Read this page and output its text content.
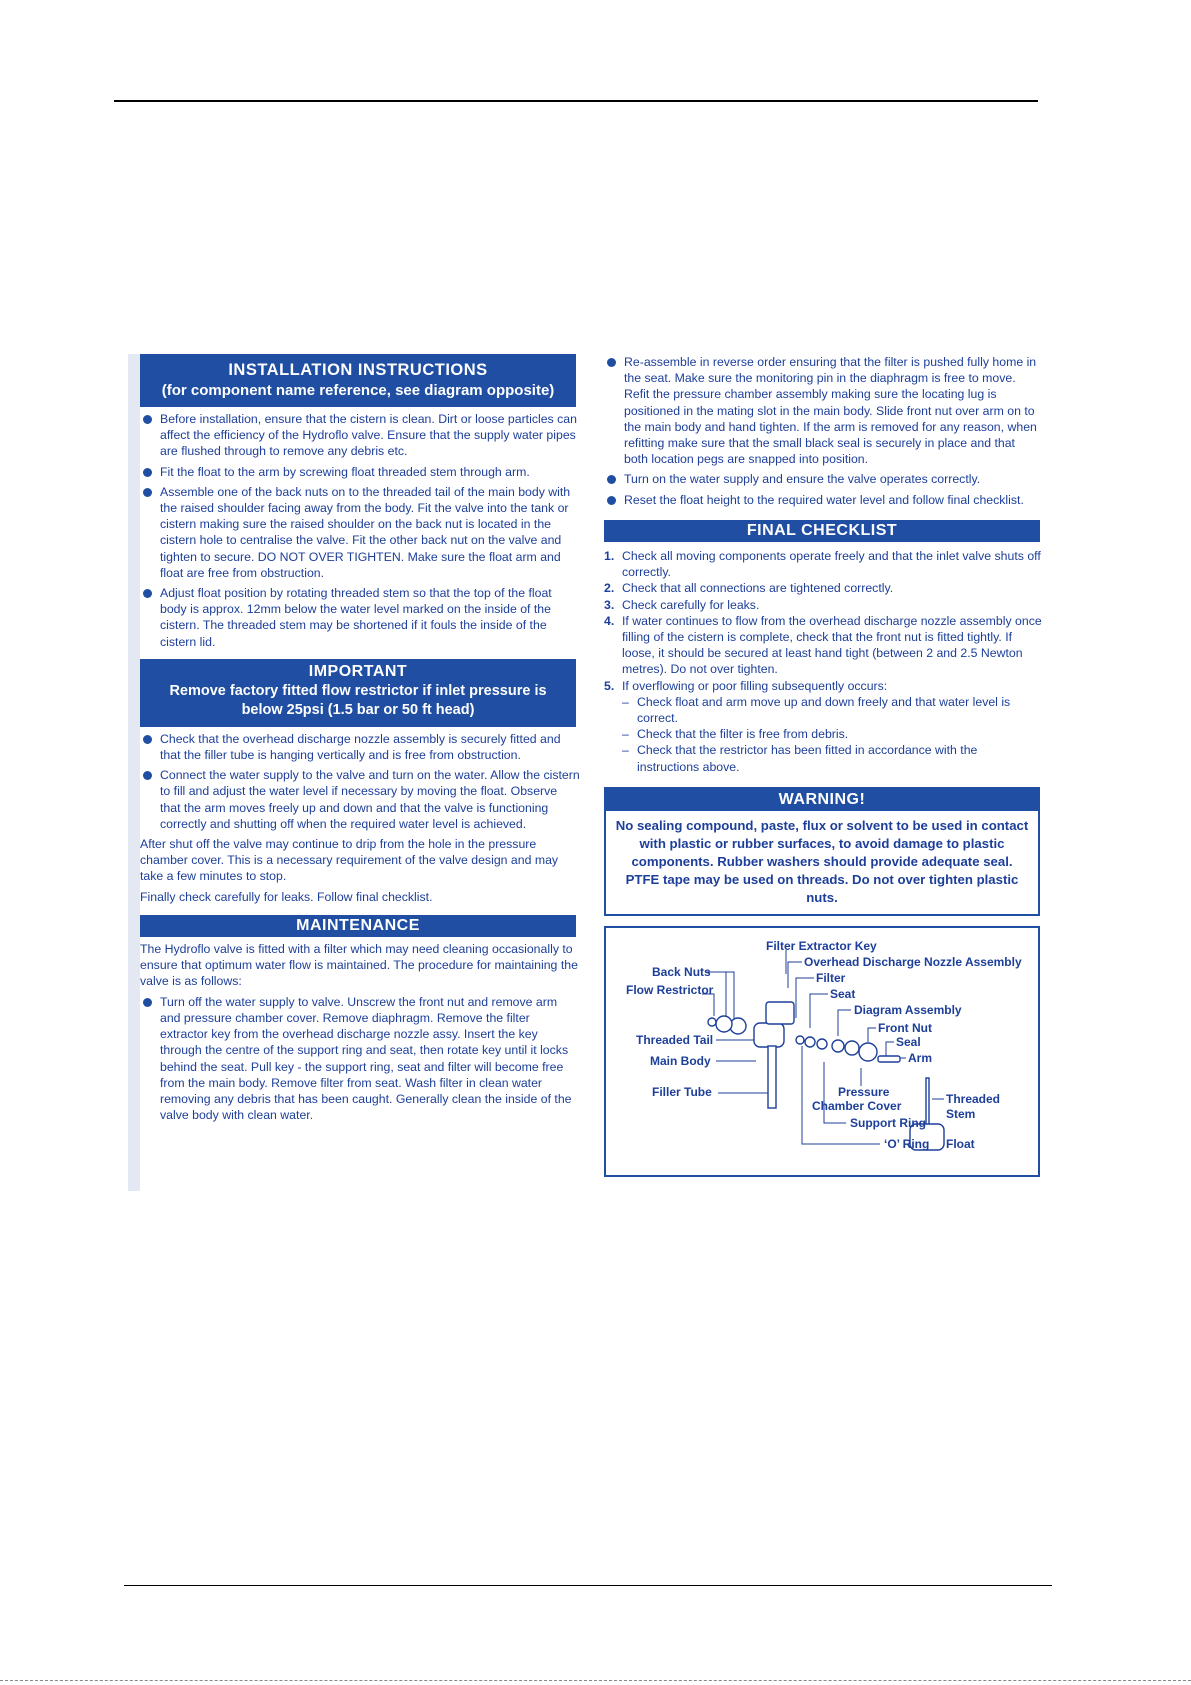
INSTALLATION INSTRUCTIONS
(for component name reference, see diagram opposite)
Before installation, ensure that the cistern is clean. Dirt or loose particles can affect the efficiency of the Hydroflo valve. Ensure that the supply water pipes are flushed through to remove any debris etc.
Fit the float to the arm by screwing float threaded stem through arm.
Assemble one of the back nuts on to the threaded tail of the main body with the raised shoulder facing away from the body. Fit the valve into the tank or cistern making sure the raised shoulder on the back nut is located in the cistern hole to centralise the valve. Fit the other back nut on the valve and tighten to secure. DO NOT OVER TIGHTEN. Make sure the float arm and float are free from obstruction.
Adjust float position by rotating threaded stem so that the top of the float body is approx. 12mm below the water level marked on the inside of the cistern. The threaded stem may be shortened if it fouls the inside of the cistern lid.
IMPORTANT
Remove factory fitted flow restrictor if inlet pressure is
below 25psi (1.5 bar or 50 ft head)
Check that the overhead discharge nozzle assembly is securely fitted and that the filler tube is hanging vertically and is free from obstruction.
Connect the water supply to the valve and turn on the water. Allow the cistern to fill and adjust the water level if necessary by moving the float. Observe that the arm moves freely up and down and that the valve is functioning correctly and shutting off when the required water level is achieved.

After shut off the valve may continue to drip from the hole in the pressure chamber cover. This is a necessary requirement of the valve design and may take a few minutes to stop.

Finally check carefully for leaks. Follow final checklist.

MAINTENANCE

The Hydroflo valve is fitted with a filter which may need cleaning occasionally to ensure that optimum water flow is maintained. The procedure for maintaining the valve is as follows:

Turn off the water supply to valve. Unscrew the front nut and remove arm and pressure chamber cover. Remove diaphragm. Remove the filter extractor key from the overhead discharge nozzle assy. Insert the key through the centre of the support ring and seat, then rotate key until it locks behind the seat. Pull key - the support ring, seat and filter will become free from the main body. Remove filter from seat. Wash filter in clean water removing any debris that has been caught. Generally clean the inside of the valve body with clean water.
Re-assemble in reverse order ensuring that the filter is pushed fully home in the seat. Make sure the monitoring pin in the diaphragm is free to move. Refit the pressure chamber assembly making sure the locating lug is positioned in the mating slot in the main body. Slide front nut over arm on to the main body and hand tighten. If the arm is removed for any reason, when refitting make sure that the small black seal is securely in place and that both location pegs are snapped into position.
Turn on the water supply and ensure the valve operates correctly.
Reset the float height to the required water level and follow final checklist.
FINAL CHECKLIST
1. Check all moving components operate freely and that the inlet valve shuts off correctly.
2. Check that all connections are tightened correctly.
3. Check carefully for leaks.
4. If water continues to flow from the overhead discharge nozzle assembly once filling of the cistern is complete, check that the front nut is fitted tightly. If loose, it should be secured at least hand tight (between 2 and 2.5 Newton metres). Do not over tighten.
5. If overflowing or poor filling subsequently occurs:
– Check float and arm move up and down freely and that water level is correct.
– Check that the filter is free from debris.
– Check that the restrictor has been fitted in accordance with the instructions above.
WARNING!
No sealing compound, paste, flux or solvent to be used in contact with plastic or rubber surfaces, to avoid damage to plastic components. Rubber washers should provide adequate seal. PTFE tape may be used on threads. Do not over tighten plastic nuts.
Filter Extractor Key
Overhead Discharge Nozzle Assembly
Filter
Seat
Back Nuts
Flow Restrictor
Diagram Assembly
Front Nut
Seal
Arm
Threaded Tail
Main Body
Filler Tube	Pressure
Chamber Cover	Threaded
Stem
Support Ring
‘O’ Ring Float
